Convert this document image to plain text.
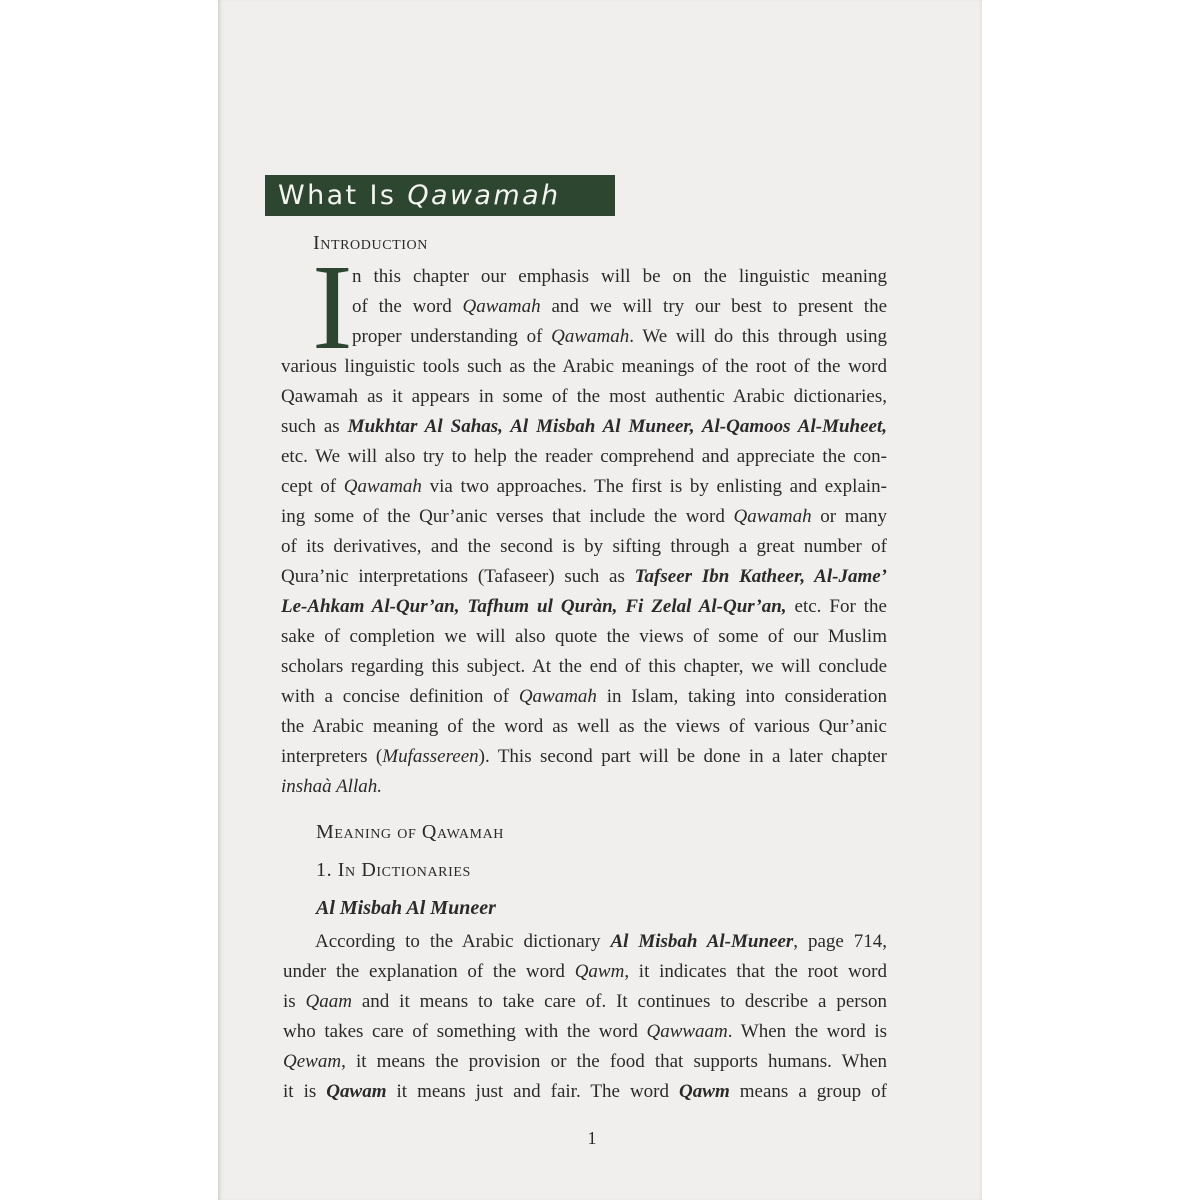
What Is Qawamah
Introduction
I n this chapter our emphasis will be on the linguistic meaning
of the word Qawamah and we will try our best to present the
proper understanding of Qawamah. We will do this through using
various linguistic tools such as the Arabic meanings of the root of the word
Qawamah as it appears in some of the most authentic Arabic dictionaries,
such as Mukhtar Al Sahas, Al Misbah Al Muneer, Al-Qamoos Al-Muheet,
etc. We will also try to help the reader comprehend and appreciate the con-
cept of Qawamah via two approaches. The first is by enlisting and explain-
ing some of the Qur’anic verses that include the word Qawamah or many
of its derivatives, and the second is by sifting through a great number of
Qura’nic interpretations (Tafaseer) such as Tafseer Ibn Katheer, Al-Jame’
Le-Ahkam Al-Qur’an, Tafhum ul Quràn, Fi Zelal Al-Qur’an, etc. For the
sake of completion we will also quote the views of some of our Muslim
scholars regarding this subject. At the end of this chapter, we will conclude
with a concise definition of Qawamah in Islam, taking into consideration
the Arabic meaning of the word as well as the views of various Qur’anic
interpreters (Mufassereen). This second part will be done in a later chapter
inshaà Allah.
Meaning of Qawamah
1. In Dictionaries
Al Misbah Al Muneer
According to the Arabic dictionary Al Misbah Al-Muneer, page 714,
under the explanation of the word Qawm, it indicates that the root word
is Qaam and it means to take care of. It continues to describe a person
who takes care of something with the word Qawwaam. When the word is
Qewam, it means the provision or the food that supports humans. When
it is Qawam it means just and fair. The word Qawm means a group of
1
